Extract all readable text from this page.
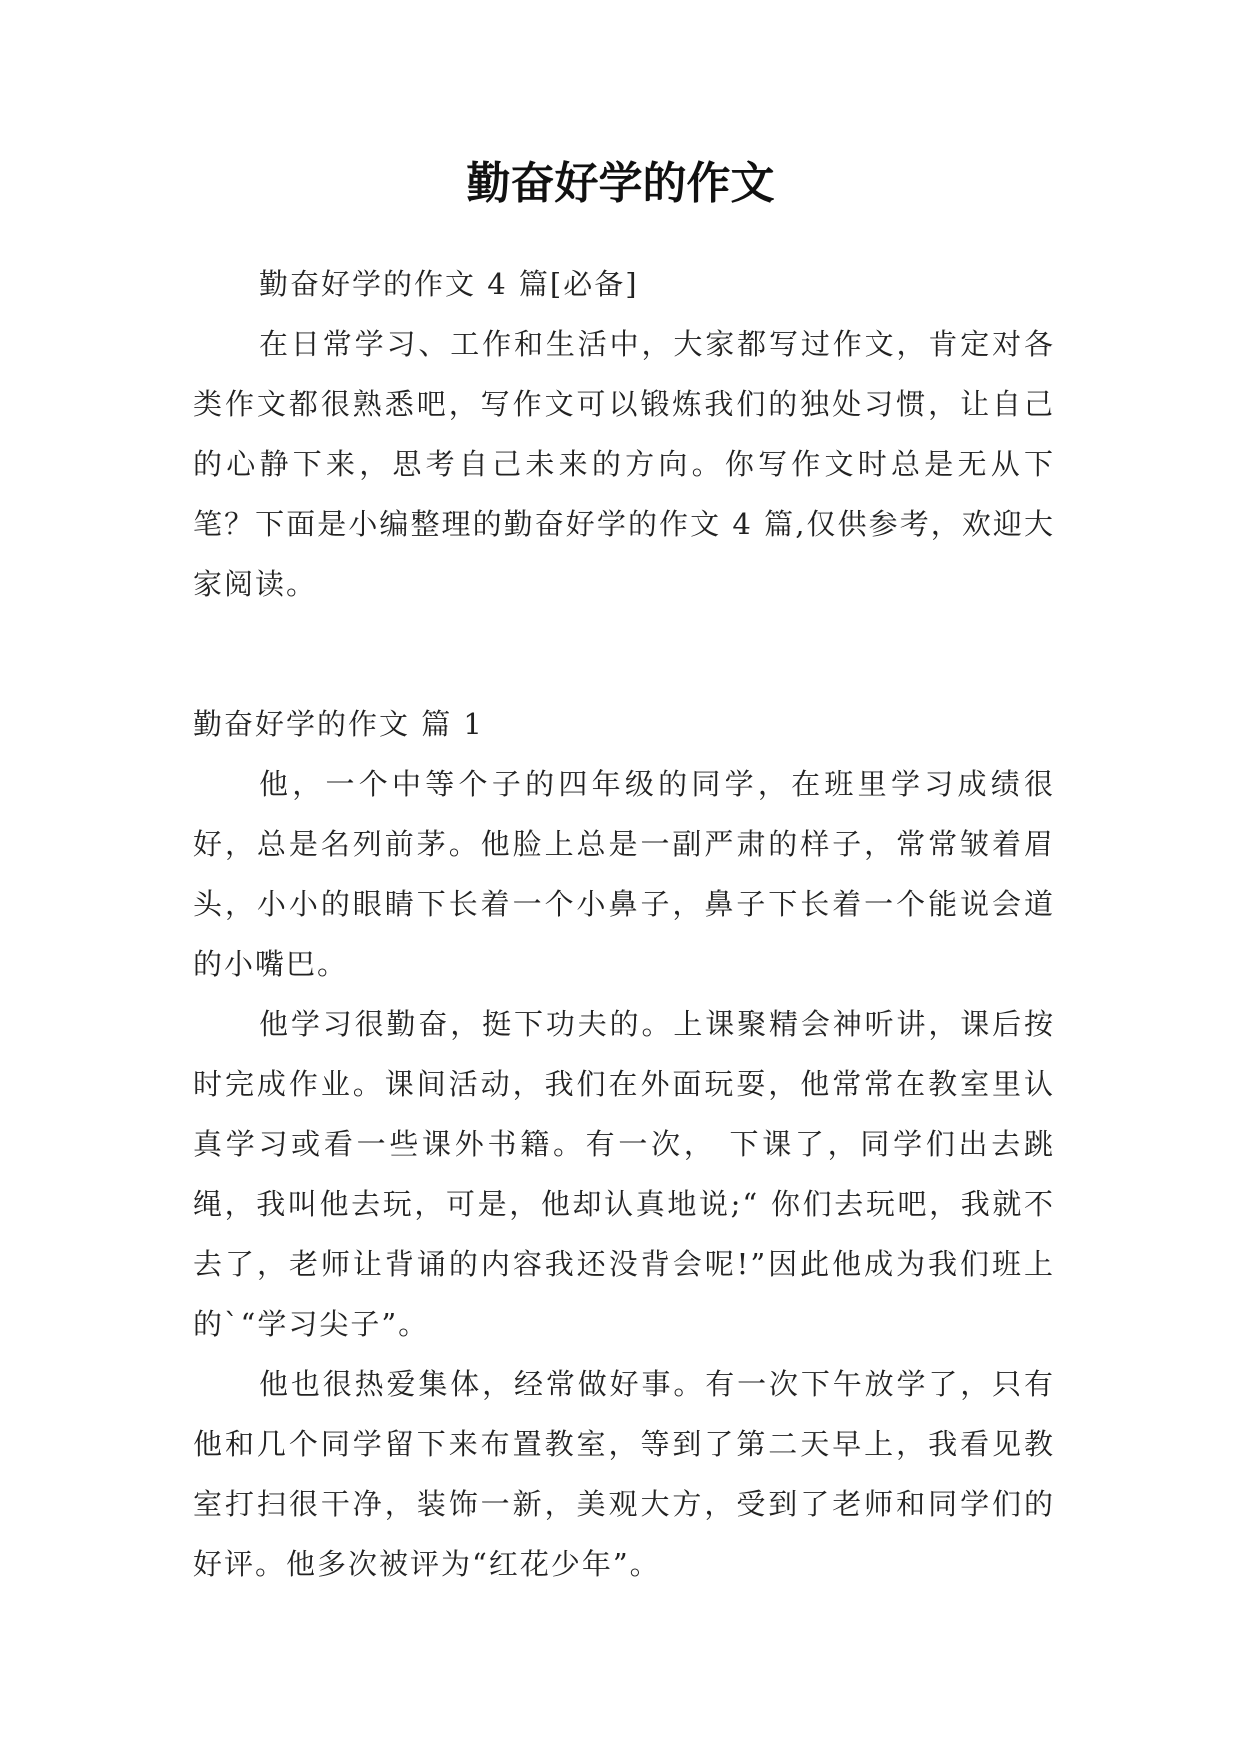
勤奋好学的作文

勤奋好学的作文 4 篇[必备]

在日常学习、工作和生活中，大家都写过作文，肯定对各类作文都很熟悉吧，写作文可以锻炼我们的独处习惯，让自己的心静下来，思考自己未来的方向。你写作文时总是无从下笔？下面是小编整理的勤奋好学的作文 4 篇,仅供参考，欢迎大家阅读。

勤奋好学的作文 篇 1

他，一个中等个子的四年级的同学，在班里学习成绩很好，总是名列前茅。他脸上总是一副严肃的样子，常常皱着眉头，小小的眼睛下长着一个小鼻子，鼻子下长着一个能说会道的小嘴巴。

他学习很勤奋，挺下功夫的。上课聚精会神听讲，课后按时完成作业。课间活动，我们在外面玩耍，他常常在教室里认真学习或看一些课外书籍。有一次， 下课了，同学们出去跳绳，我叫他去玩，可是，他却认真地说;“ 你们去玩吧，我就不去了，老师让背诵的内容我还没背会呢!”因此他成为我们班上的`“学习尖子”。

他也很热爱集体，经常做好事。有一次下午放学了，只有他和几个同学留下来布置教室，等到了第二天早上，我看见教室打扫很干净，装饰一新，美观大方，受到了老师和同学们的好评。他多次被评为“红花少年”。
